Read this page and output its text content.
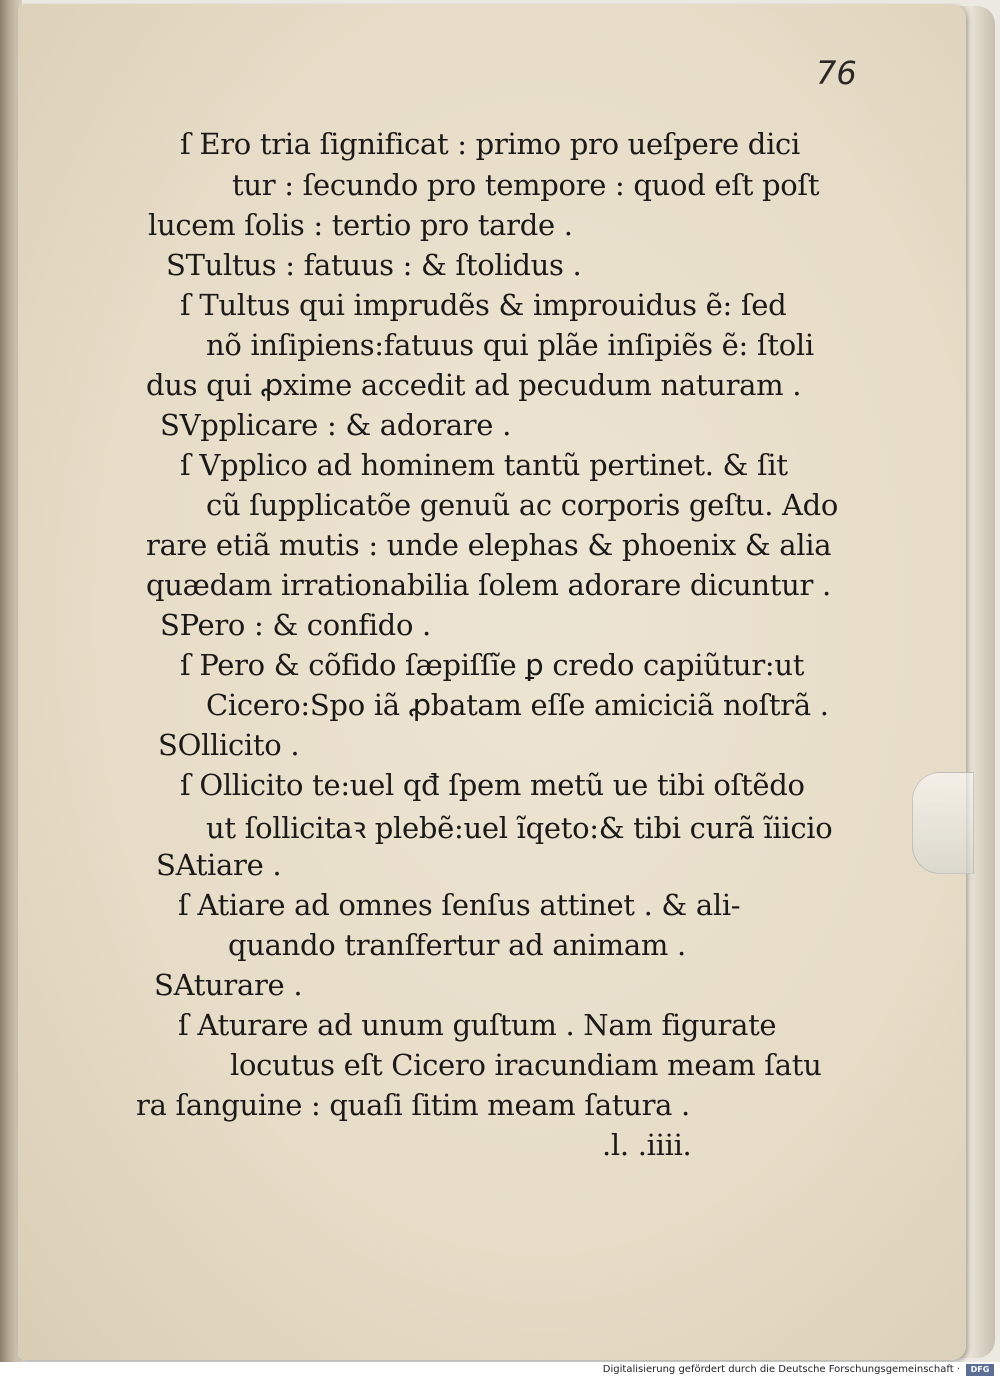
76
ſ Ero tria ſignificat : primo pro ueſpere dici
tur : ſecundo pro tempore : quod eſt poſt
lucem ſolis : tertio pro tarde .
STultus : fatuus : & ſtolidus .
ſ Tultus qui imprudẽs & improuidus ẽ: ſed
nõ inſipiens:fatuus qui plãe inſipiẽs ẽ: ſtoli
dus qui ꝓxime accedit ad pecudum naturam .
SVpplicare : & adorare .
ſ Vpplico ad hominem tantũ pertinet. & ſit
cũ ſupplicatõe genuũ ac corporis geſtu. Ado
rare etiã mutis : unde elephas & phoenix & alia
quædam irrationabilia ſolem adorare dicuntur .
SPero : & confido .
ſ Pero & cõfido ſæpiſſĩe ꝑ credo capiũtur:ut
Cicero:Spo iã ꝓbatam eſſe amiciciã noſtrã .
SOllicito .
ſ Ollicito te:uel qđ ſpem metũ ue tibi oſtẽdo
ut ſollicitaꝛ plebẽ:uel ĩqeto:& tibi curã ĩiicio
SAtiare .
ſ Atiare ad omnes ſenſus attinet . & ali-
quando tranſfertur ad animam .
SAturare .
ſ Aturare ad unum guſtum . Nam figurate
locutus eſt Cicero iracundiam meam ſatu
ra ſanguine : quaſi ſitim meam ſatura .
.l. .iiii.
Digitalisierung gefördert durch die Deutsche Forschungsgemeinschaft ·	DFG
